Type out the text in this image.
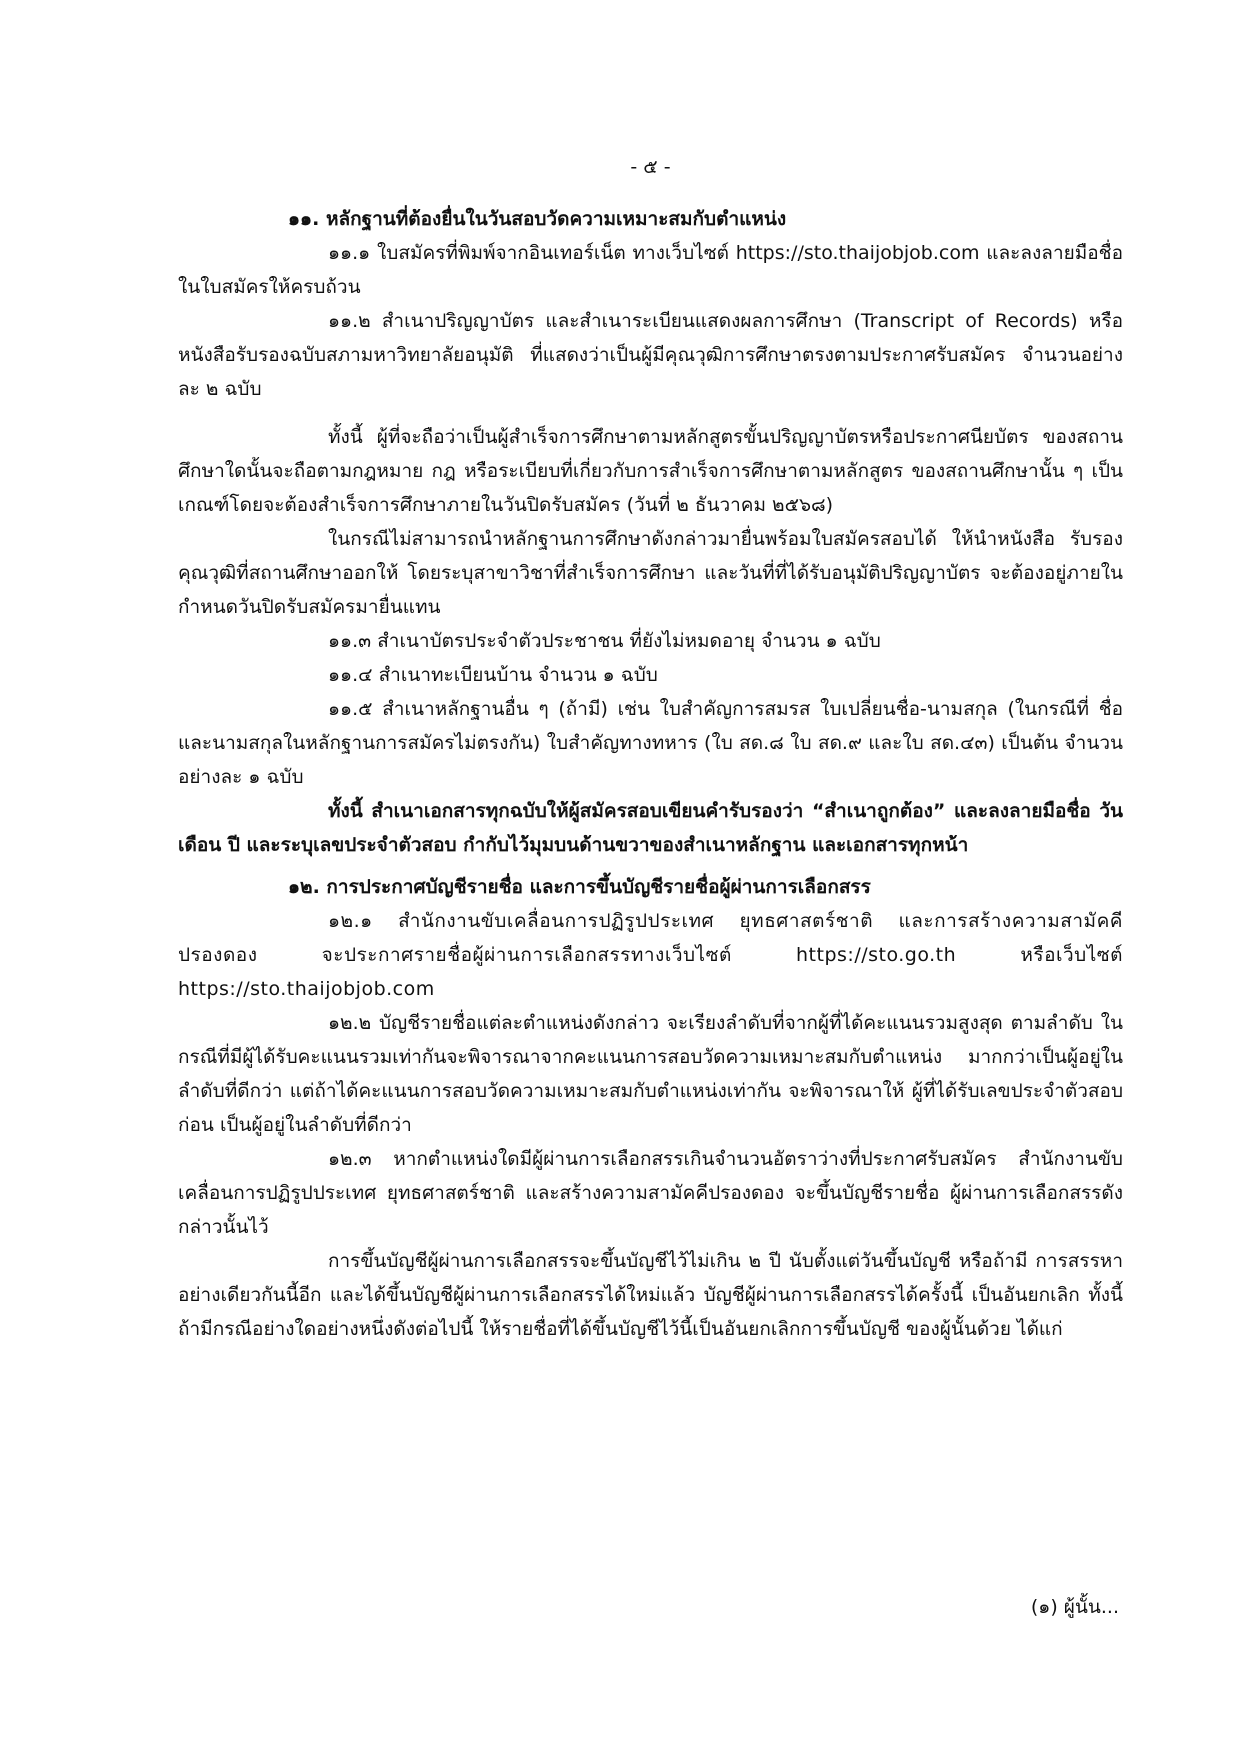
- ๕ -
๑๑. หลักฐานที่ต้องยื่นในวันสอบวัดความเหมาะสมกับตำแหน่ง

๑๑.๑ ใบสมัครที่พิมพ์จากอินเทอร์เน็ต ทางเว็บไซต์ https://sto.thaijobjob.com และลงลายมือชื่อในใบสมัครให้ครบถ้วน

๑๑.๒ สำเนาปริญญาบัตร และสำเนาระเบียนแสดงผลการศึกษา (Transcript of Records) หรือหนังสือรับรองฉบับสภามหาวิทยาลัยอนุมัติ ที่แสดงว่าเป็นผู้มีคุณวุฒิการศึกษาตรงตามประกาศรับสมัคร จำนวนอย่างละ ๒ ฉบับ

ทั้งนี้ ผู้ที่จะถือว่าเป็นผู้สำเร็จการศึกษาตามหลักสูตรขั้นปริญญาบัตรหรือประกาศนียบัตร ของสถานศึกษาใดนั้นจะถือตามกฎหมาย กฎ หรือระเบียบที่เกี่ยวกับการสำเร็จการศึกษาตามหลักสูตร ของสถานศึกษานั้น ๆ เป็นเกณฑ์โดยจะต้องสำเร็จการศึกษาภายในวันปิดรับสมัคร (วันที่ ๒ ธันวาคม ๒๕๖๘)

ในกรณีไม่สามารถนำหลักฐานการศึกษาดังกล่าวมายื่นพร้อมใบสมัครสอบได้ ให้นำหนังสือ รับรองคุณวุฒิที่สถานศึกษาออกให้ โดยระบุสาขาวิชาที่สำเร็จการศึกษา และวันที่ที่ได้รับอนุมัติปริญญาบัตร จะต้องอยู่ภายในกำหนดวันปิดรับสมัครมายื่นแทน

๑๑.๓ สำเนาบัตรประจำตัวประชาชน ที่ยังไม่หมดอายุ จำนวน ๑ ฉบับ

๑๑.๔ สำเนาทะเบียนบ้าน จำนวน ๑ ฉบับ

๑๑.๕ สำเนาหลักฐานอื่น ๆ (ถ้ามี) เช่น ใบสำคัญการสมรส ใบเปลี่ยนชื่อ-นามสกุล (ในกรณีที่ ชื่อและนามสกุลในหลักฐานการสมัครไม่ตรงกัน) ใบสำคัญทางทหาร (ใบ สด.๘ ใบ สด.๙ และใบ สด.๔๓) เป็นต้น จำนวนอย่างละ ๑ ฉบับ

ทั้งนี้ สำเนาเอกสารทุกฉบับให้ผู้สมัครสอบเขียนคำรับรองว่า “สำเนาถูกต้อง” และลงลายมือชื่อ วัน เดือน ปี และระบุเลขประจำตัวสอบ กำกับไว้มุมบนด้านขวาของสำเนาหลักฐาน และเอกสารทุกหน้า

๑๒. การประกาศบัญชีรายชื่อ และการขึ้นบัญชีรายชื่อผู้ผ่านการเลือกสรร

๑๒.๑ สำนักงานขับเคลื่อนการปฏิรูปประเทศ ยุทธศาสตร์ชาติ และการสร้างความสามัคคี ปรองดอง จะประกาศรายชื่อผู้ผ่านการเลือกสรรทางเว็บไซต์ https://sto.go.th หรือเว็บไซต์ https://sto.thaijobjob.com

๑๒.๒ บัญชีรายชื่อแต่ละตำแหน่งดังกล่าว จะเรียงลำดับที่จากผู้ที่ได้คะแนนรวมสูงสุด ตามลำดับ ในกรณีที่มีผู้ได้รับคะแนนรวมเท่ากันจะพิจารณาจากคะแนนการสอบวัดความเหมาะสมกับตำแหน่ง มากกว่าเป็นผู้อยู่ในลำดับที่ดีกว่า แต่ถ้าได้คะแนนการสอบวัดความเหมาะสมกับตำแหน่งเท่ากัน จะพิจารณาให้ ผู้ที่ได้รับเลขประจำตัวสอบก่อน เป็นผู้อยู่ในลำดับที่ดีกว่า

๑๒.๓ หากตำแหน่งใดมีผู้ผ่านการเลือกสรรเกินจำนวนอัตราว่างที่ประกาศรับสมัคร สำนักงานขับเคลื่อนการปฏิรูปประเทศ ยุทธศาสตร์ชาติ และสร้างความสามัคคีปรองดอง จะขึ้นบัญชีรายชื่อ ผู้ผ่านการเลือกสรรดังกล่าวนั้นไว้

การขึ้นบัญชีผู้ผ่านการเลือกสรรจะขึ้นบัญชีไว้ไม่เกิน ๒ ปี นับตั้งแต่วันขึ้นบัญชี หรือถ้ามี การสรรหาอย่างเดียวกันนี้อีก และได้ขึ้นบัญชีผู้ผ่านการเลือกสรรได้ใหม่แล้ว บัญชีผู้ผ่านการเลือกสรรได้ครั้งนี้ เป็นอันยกเลิก ทั้งนี้ ถ้ามีกรณีอย่างใดอย่างหนึ่งดังต่อไปนี้ ให้รายชื่อที่ได้ขึ้นบัญชีไว้นี้เป็นอันยกเลิกการขึ้นบัญชี ของผู้นั้นด้วย ได้แก่

(๑) ผู้นั้น...
